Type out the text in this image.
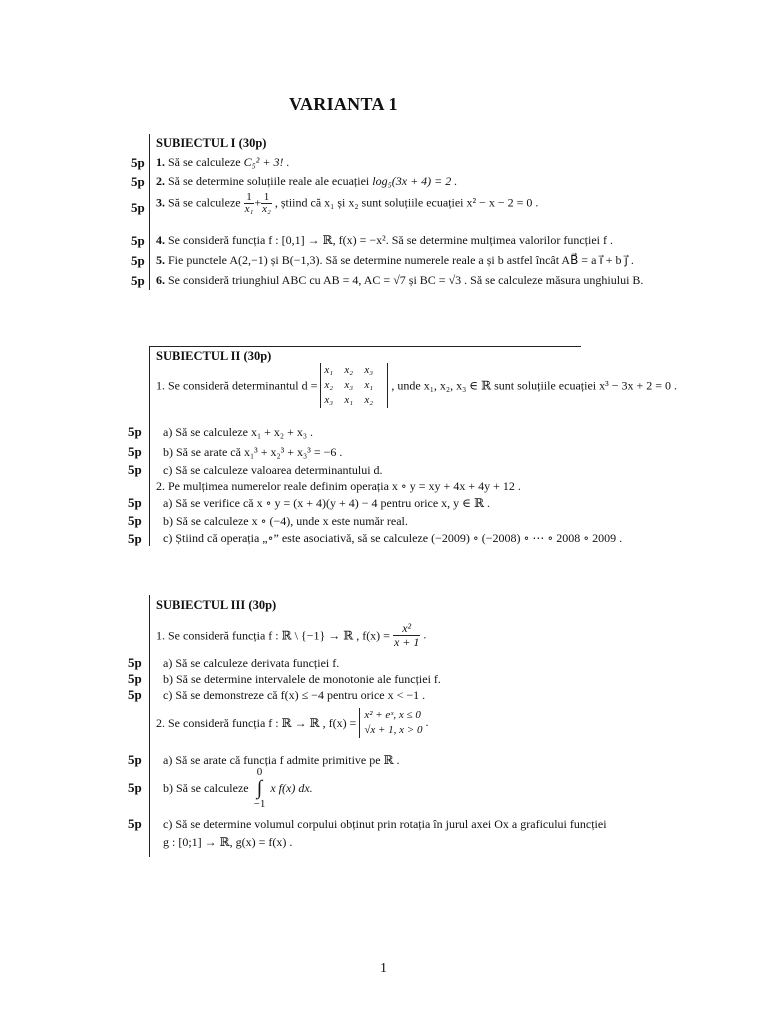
VARIANTA 1
SUBIECTUL I (30p)
5p 1. Să se calculeze C₅² + 3! .
5p 2. Să se determine soluțiile reale ale ecuației log₅(3x + 4) = 2 .
5p 3. Să se calculeze $\frac{1}{\text{x₁}} + \frac{1}{\text{x₂}}$ , știind că x₁ și x₂ sunt soluțiile ecuației x² − x − 2 = 0 .
5p 4. Se consideră funcția f : [0,1] → ℝ, f(x) = −x². Să se determine mulțimea valorilor funcției f .
5p 5. Fie punctele A(2,−1) și B(−1,3). Să se determine numerele reale a și b astfel încât AB⃗ = a i⃗ + b j⃗ .
5p 6. Se consideră triunghiul ABC cu AB = 4, AC = √7 și BC = √3 . Să se calculeze măsura unghiului B.
SUBIECTUL II (30p)
1. Se consideră determinantul d = x₁ x₂ x₃
x₂ x₃ x₁
x₃ x₁ x₂ , unde x₁, x₂, x₃ ∈ ℝ sunt soluțiile ecuației x³ − 3x + 2 = 0 .
5p a) Să se calculeze x₁ + x₂ + x₃ .
5p b) Să se arate că x₁³ + x₂³ + x₃³ = −6 .
5p c) Să se calculeze valoarea determinantului d.
2. Pe mulțimea numerelor reale definim operația x ∘ y = xy + 4x + 4y + 12 .
5p a) Să se verifice că x ∘ y = (x + 4)(y + 4) − 4 pentru orice x, y ∈ ℝ .
5p b) Să se calculeze x ∘ (−4), unde x este număr real.
5p c) Știind că operația „∘” este asociativă, să se calculeze (−2009) ∘ (−2008) ∘ ⋯ ∘ 2008 ∘ 2009 .
SUBIECTUL III (30p)
1. Se consideră funcția f : ℝ \ {−1} → ℝ , $f(x) = \frac{\text{x²}}{x + 1}$ .
5p a) Să se calculeze derivata funcției f.
5p b) Să se determine intervalele de monotonie ale funcției f.
5p c) Să se demonstreze că f(x) ≤ −4 pentru orice x < −1 .
2. Se consideră funcția f : ℝ → ℝ , f(x) = x² + eˣ, x ≤ 0
√x + 1, x > 0 .
5p a) Să se arate că funcția f admite primitive pe ℝ .
5p b) Să se calculeze 0
∫
−1 x f(x) dx.
5p c) Să se determine volumul corpului obținut prin rotația în jurul axei Ox a graficului funcției
g : [0;1] → ℝ, g(x) = f(x) .
1
